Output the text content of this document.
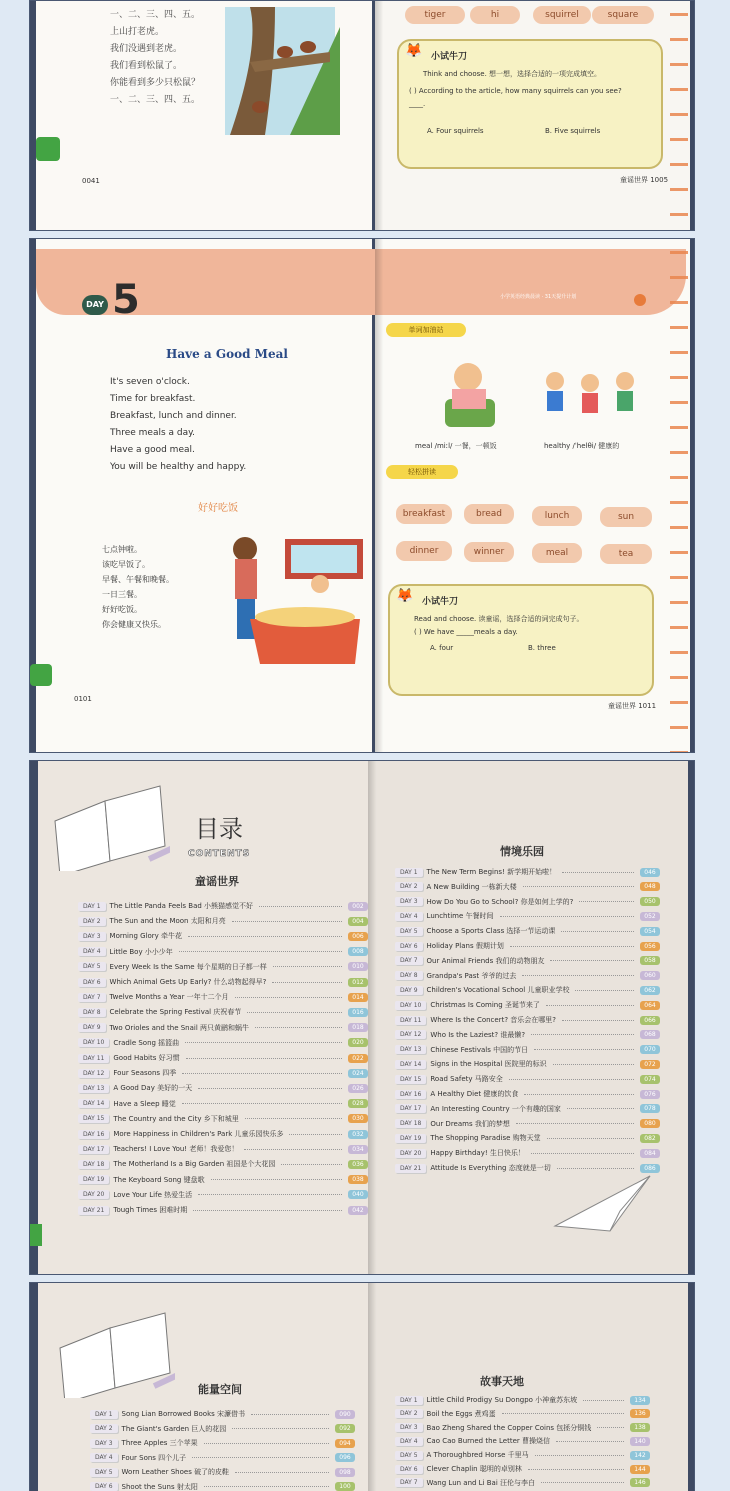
一、二、三、四、五。
上山打老虎。
我们没遇到老虎。
我们看到松鼠了。
你能看到多少只松鼠？
一、二、三、四、五。
tiger	hi	squirrel	square
🦊 小试牛刀
Think and choose. 想一想，选择合适的一项完成填空。
( ) According to the article, how many squirrels can you see? ____.
A. Four squirrels	B. Five squirrels
0041	童谣世界 1005
DAY 5	小学英语经典晨读 · 31天提升计划
Have a Good Meal
It's seven o'clock.
Time for breakfast.
Breakfast, lunch and dinner.
Three meals a day.
Have a good meal.
You will be healthy and happy.
好好吃饭
七点钟啦。
该吃早饭了。
早餐、午餐和晚餐。
一日三餐。
好好吃饭。
你会健康又快乐。
单词加油站
meal /miːl/ 一餐，一顿饭	healthy /ˈhelθi/ 健康的
轻松拼读
breakfast	bread	lunch	sun
dinner	winner	meal	tea
🦊 小试牛刀
Read and choose. 读童谣，选择合适的词完成句子。
( ) We have _____meals a day.
A. four	B. three
0101
童谣世界 1011
目录
CONTENTS
童谣世界
情境乐园
DAY 1	The Little Panda Feels Bad 小熊猫感觉不好	002
DAY 2	The Sun and the Moon 太阳和月亮	004
DAY 3	Morning Glory 牵牛花	006
DAY 4	Little Boy 小小少年	008
DAY 5	Every Week Is the Same 每个星期的日子都一样	010
DAY 6	Which Animal Gets Up Early? 什么动物起得早?	012
DAY 7	Twelve Months a Year 一年十二个月	014
DAY 8	Celebrate the Spring Festival 庆祝春节	016
DAY 9	Two Orioles and the Snail 两只黄鹂和蜗牛	018
DAY 10	Cradle Song 摇篮曲	020
DAY 11	Good Habits 好习惯	022
DAY 12	Four Seasons 四季	024
DAY 13	A Good Day 美好的一天	026
DAY 14	Have a Sleep 睡觉	028
DAY 15	The Country and the City 乡下和城里	030
DAY 16	More Happiness in Children's Park 儿童乐园快乐多	032
DAY 17	Teachers! I Love You! 老师！我爱您！	034
DAY 18	The Motherland Is a Big Garden 祖国是个大花园	036
DAY 19	The Keyboard Song 键盘歌	038
DAY 20	Love Your Life 热爱生活	040
DAY 21	Tough Times 困难时期	042
DAY 1	The New Term Begins! 新学期开始啦！	046
DAY 2	A New Building 一栋新大楼	048
DAY 3	How Do You Go to School? 你是如何上学的?	050
DAY 4	Lunchtime 午餐时间	052
DAY 5	Choose a Sports Class 选择一节运动课	054
DAY 6	Holiday Plans 假期计划	056
DAY 7	Our Animal Friends 我们的动物朋友	058
DAY 8	Grandpa's Past 爷爷的过去	060
DAY 9	Children's Vocational School 儿童职业学校	062
DAY 10	Christmas Is Coming 圣诞节来了	064
DAY 11	Where Is the Concert? 音乐会在哪里?	066
DAY 12	Who Is the Laziest? 谁最懒?	068
DAY 13	Chinese Festivals 中国的节日	070
DAY 14	Signs in the Hospital 医院里的标识	072
DAY 15	Road Safety 马路安全	074
DAY 16	A Healthy Diet 健康的饮食	076
DAY 17	An Interesting Country 一个有趣的国家	078
DAY 18	Our Dreams 我们的梦想	080
DAY 19	The Shopping Paradise 购物天堂	082
DAY 20	Happy Birthday! 生日快乐！	084
DAY 21	Attitude Is Everything 态度就是一切	086
能量空间
故事天地
DAY 1	Song Lian Borrowed Books 宋濂借书	090
DAY 2	The Giant's Garden 巨人的花园	092
DAY 3	Three Apples 三个苹果	094
DAY 4	Four Sons 四个儿子	096
DAY 5	Worn Leather Shoes 破了的皮鞋	098
DAY 6	Shoot the Suns 射太阳	100
DAY 1	Little Child Prodigy Su Dongpo 小神童苏东坡	134
DAY 2	Boil the Eggs 煮鸡蛋	136
DAY 3	Bao Zheng Shared the Copper Coins 包拯分铜钱	138
DAY 4	Cao Cao Burned the Letter 曹操烧信	140
DAY 5	A Thoroughbred Horse 千里马	142
DAY 6	Clever Chaplin 聪明的卓别林	144
DAY 7	Wang Lun and Li Bai 汪伦与李白	146
